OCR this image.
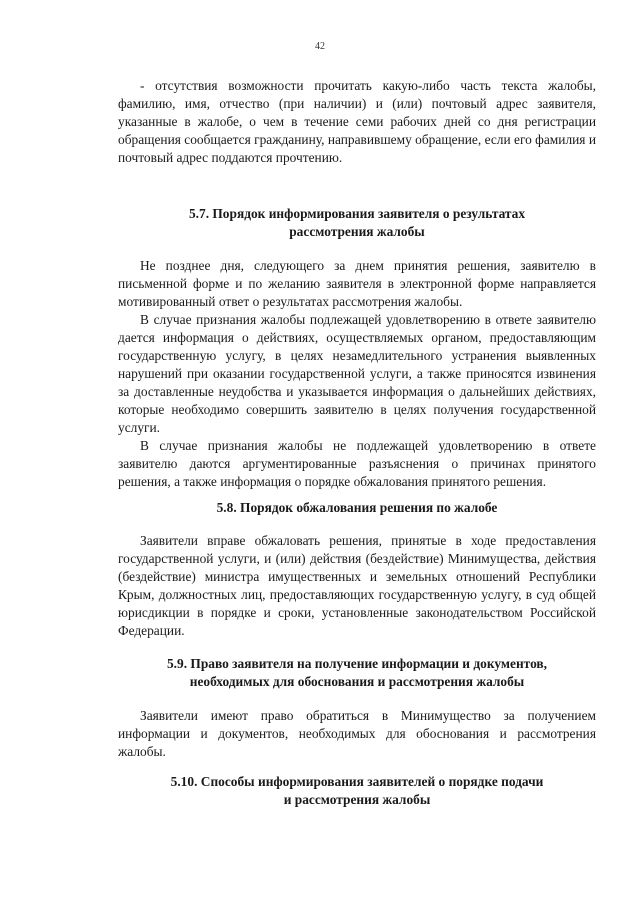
42

- отсутствия возможности прочитать какую-либо часть текста жалобы, фамилию, имя, отчество (при наличии) и (или) почтовый адрес заявителя, указанные в жалобе, о чем в течение семи рабочих дней со дня регистрации обращения сообщается гражданину, направившему обращение, если его фамилия и почтовый адрес поддаются прочтению.

5.7. Порядок информирования заявителя о результатах
рассмотрения жалобы

Не позднее дня, следующего за днем принятия решения, заявителю в письменной форме и по желанию заявителя в электронной форме направляется мотивированный ответ о результатах рассмотрения жалобы.

В случае признания жалобы подлежащей удовлетворению в ответе заявителю дается информация о действиях, осуществляемых органом, предоставляющим государственную услугу, в целях незамедлительного устранения выявленных нарушений при оказании государственной услуги, а также приносятся извинения за доставленные неудобства и указывается информация о дальнейших действиях, которые необходимо совершить заявителю в целях получения государственной услуги.

В случае признания жалобы не подлежащей удовлетворению в ответе заявителю даются аргументированные разъяснения о причинах принятого решения, а также информация о порядке обжалования принятого решения.

5.8. Порядок обжалования решения по жалобе

Заявители вправе обжаловать решения, принятые в ходе предоставления государственной услуги, и (или) действия (бездействие) Минимущества, действия (бездействие) министра имущественных и земельных отношений Республики Крым, должностных лиц, предоставляющих государственную услугу, в суд общей юрисдикции в порядке и сроки, установленные законодательством Российской Федерации.

5.9. Право заявителя на получение информации и документов,
необходимых для обоснования и рассмотрения жалобы

Заявители имеют право обратиться в Минимущество за получением информации и документов, необходимых для обоснования и рассмотрения жалобы.

5.10. Способы информирования заявителей о порядке подачи
и рассмотрения жалобы
